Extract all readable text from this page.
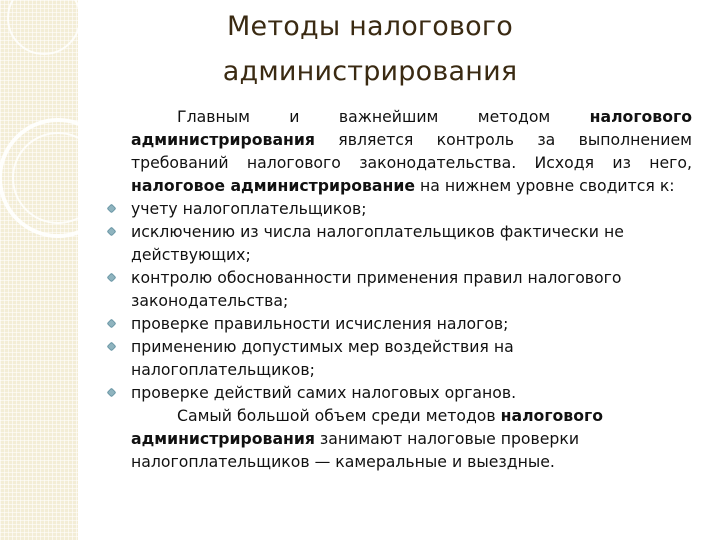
Методы налогового
администрирования

Главным и важнейшим методом налогового администрирования является контроль за выполнением требований налогового законодательства. Исходя из него, налоговое администрирование на нижнем уровне сводится к:

учету налогоплательщиков;
исключению из числа налогоплательщиков фактически не действующих;
контролю обоснованности применения правил налогового законодательства;
проверке правильности исчисления налогов;
применению допустимых мер воздействия на налогоплательщиков;
проверке действий самих налоговых органов.

Самый большой объем среди методов налогового администрирования занимают налоговые проверки налогоплательщиков — камеральные и выездные.
